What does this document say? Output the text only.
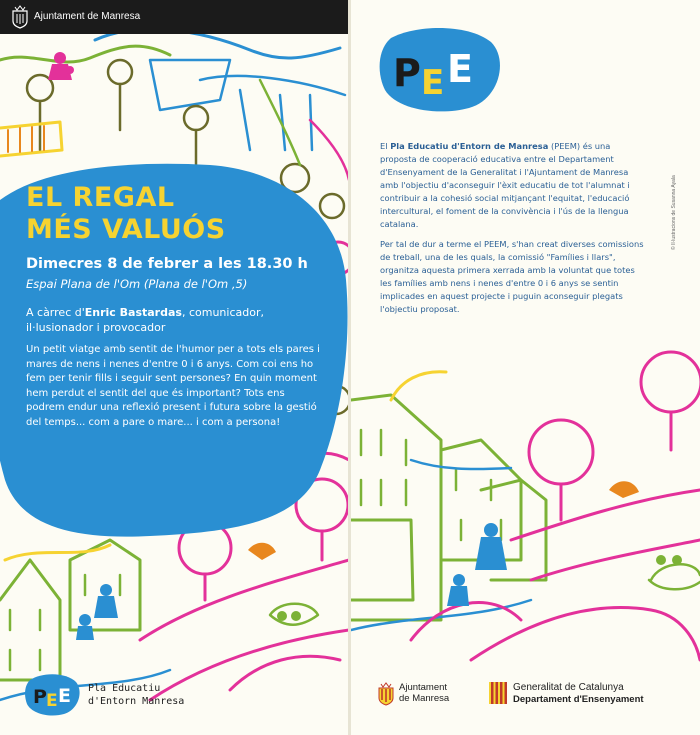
Ajuntament de Manresa
EL REGAL
MÉS VALUÓS
Dimecres 8 de febrer a les 18.30 h
Espai Plana de l'Om (Plana de l'Om ,5)
A càrrec d'Enric Bastardas, comunicador, il·lusionador i provocador
Un petit viatge amb sentit de l'humor per a tots els pares i mares de nens i nenes d'entre 0 i 6 anys. Com coi ens ho fem per tenir fills i seguir sent persones? En quin moment hem perdut el sentit del que és important? Tots ens podrem endur una reflexió present i futura sobre la gestió del temps... com a pare o mare... i com a persona!
P E E Pla Educatiu
d'Entorn Manresa
P E E

El Pla Educatiu d'Entorn de Manresa (PEEM) és una proposta de cooperació educativa entre el Departament d'Ensenyament de la Generalitat i l'Ajuntament de Manresa amb l'objectiu d'aconseguir l'èxit educatiu de tot l'alumnat i contribuir a la cohesió social mitjançant l'equitat, l'educació intercultural, el foment de la convivència i l'ús de la llengua catalana.

Per tal de dur a terme el PEEM, s'han creat diverses comissions de treball, una de les quals, la comissió "Famílies i llars", organitza aquesta primera xerrada amb la voluntat que totes les famílies amb nens i nenes d'entre 0 i 6 anys se sentin implicades en aquest projecte i puguin aconseguir plegats l'objectiu proposat.

© Il·lustracions de Susanna Ayala
Ajuntament
de Manresa
Generalitat de Catalunya
Departament d'Ensenyament
